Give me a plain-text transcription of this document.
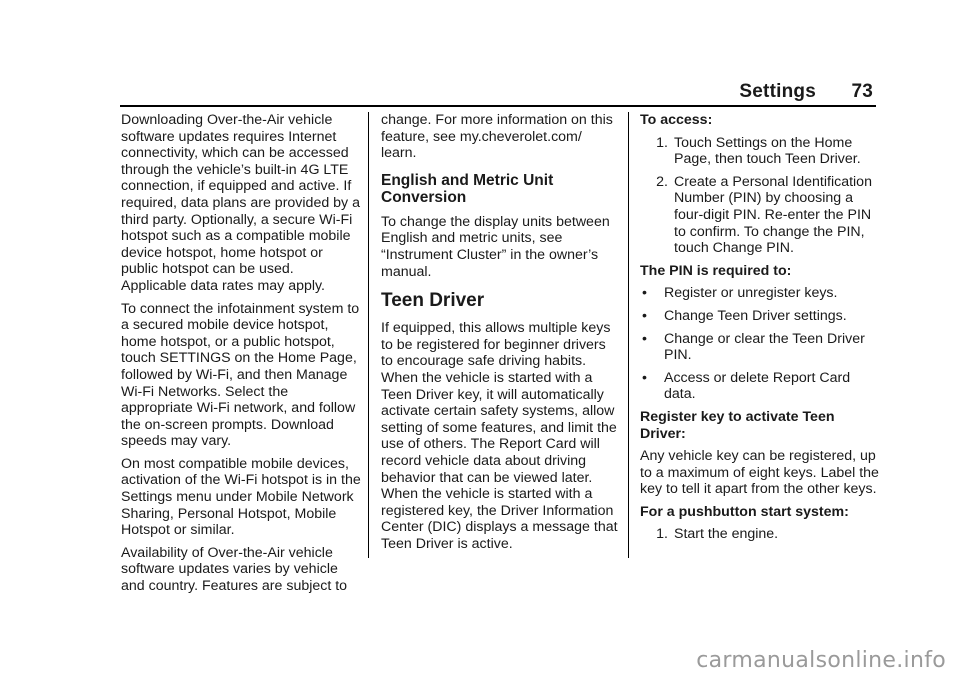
Settings 73

Downloading Over-the-Air vehicle software updates requires Internet connectivity, which can be accessed through the vehicle’s built-in 4G LTE connection, if equipped and active. If required, data plans are provided by a third party. Optionally, a secure Wi-Fi hotspot such as a compatible mobile device hotspot, home hotspot or public hotspot can be used. Applicable data rates may apply.

To connect the infotainment system to a secured mobile device hotspot, home hotspot, or a public hotspot, touch SETTINGS on the Home Page, followed by Wi-Fi, and then Manage Wi-Fi Networks. Select the appropriate Wi-Fi network, and follow the on-screen prompts. Download speeds may vary.

On most compatible mobile devices, activation of the Wi-Fi hotspot is in the Settings menu under Mobile Network Sharing, Personal Hotspot, Mobile Hotspot or similar.

Availability of Over-the-Air vehicle software updates varies by vehicle and country. Features are subject to

change. For more information on this feature, see my.cheverolet.com/ learn.

English and Metric Unit Conversion

To change the display units between English and metric units, see “Instrument Cluster” in the owner’s manual.

Teen Driver

If equipped, this allows multiple keys to be registered for beginner drivers to encourage safe driving habits. When the vehicle is started with a Teen Driver key, it will automatically activate certain safety systems, allow setting of some features, and limit the use of others. The Report Card will record vehicle data about driving behavior that can be viewed later. When the vehicle is started with a registered key, the Driver Information Center (DIC) displays a message that Teen Driver is active.

To access:

1. Touch Settings on the Home Page, then touch Teen Driver.
2. Create a Personal Identification Number (PIN) by choosing a four-digit PIN. Re-enter the PIN to confirm. To change the PIN, touch Change PIN.

The PIN is required to:

•	Register or unregister keys.
•	Change Teen Driver settings.
•	Change or clear the Teen Driver PIN.
•	Access or delete Report Card data.

Register key to activate Teen Driver:

Any vehicle key can be registered, up to a maximum of eight keys. Label the key to tell it apart from the other keys.

For a pushbutton start system:

1. Start the engine.
carmanualsonline.info
